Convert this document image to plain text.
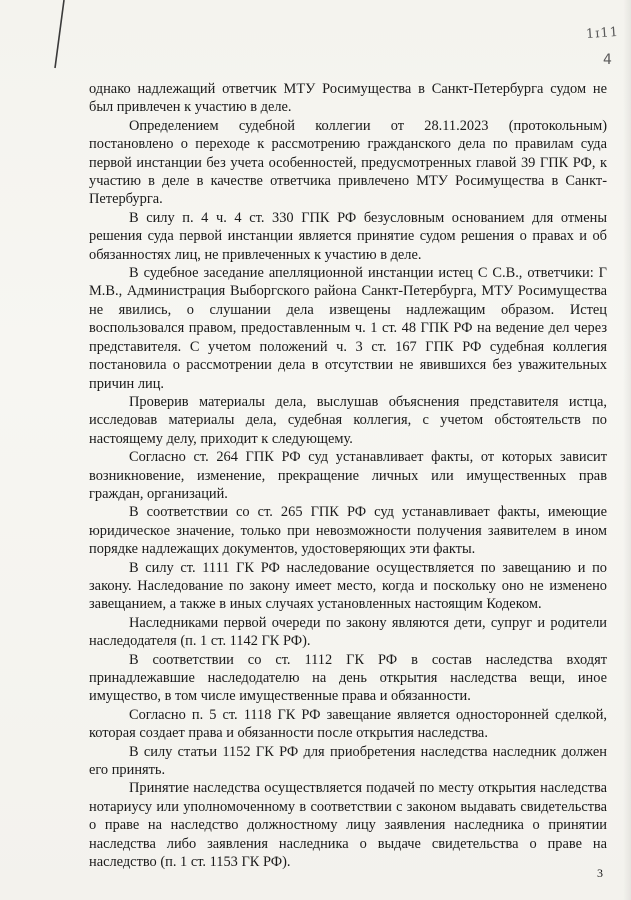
1ɪ11
4

однако надлежащий ответчик МТУ Росимущества в Санкт-Петербурга судом не был привлечен к участию в деле.

Определением судебной коллегии от 28.11.2023 (протокольным) постановлено о переходе к рассмотрению гражданского дела по правилам суда первой инстанции без учета особенностей, предусмотренных главой 39 ГПК РФ, к участию в деле в качестве ответчика привлечено МТУ Росимущества в Санкт-Петербурга.

В силу п. 4 ч. 4 ст. 330 ГПК РФ безусловным основанием для отмены решения суда первой инстанции является принятие судом решения о правах и об обязанностях лиц, не привлеченных к участию в деле.

В судебное заседание апелляционной инстанции истец С С.В., ответчики: Г М.В., Администрация Выборгского района Санкт-Петербурга, МТУ Росимущества не явились, о слушании дела извещены надлежащим образом. Истец воспользовался правом, предоставленным ч. 1 ст. 48 ГПК РФ на ведение дел через представителя. С учетом положений ч. 3 ст. 167 ГПК РФ судебная коллегия постановила о рассмотрении дела в отсутствии не явившихся без уважительных причин лиц.

Проверив материалы дела, выслушав объяснения представителя истца, исследовав материалы дела, судебная коллегия, с учетом обстоятельств по настоящему делу, приходит к следующему.

Согласно ст. 264 ГПК РФ суд устанавливает факты, от которых зависит возникновение, изменение, прекращение личных или имущественных прав граждан, организаций.

В соответствии со ст. 265 ГПК РФ суд устанавливает факты, имеющие юридическое значение, только при невозможности получения заявителем в ином порядке надлежащих документов, удостоверяющих эти факты.

В силу ст. 1111 ГК РФ наследование осуществляется по завещанию и по закону. Наследование по закону имеет место, когда и поскольку оно не изменено завещанием, а также в иных случаях установленных настоящим Кодеком.

Наследниками первой очереди по закону являются дети, супруг и родители наследодателя (п. 1 ст. 1142 ГК РФ).

В соответствии со ст. 1112 ГК РФ в состав наследства входят принадлежавшие наследодателю на день открытия наследства вещи, иное имущество, в том числе имущественные права и обязанности.

Согласно п. 5 ст. 1118 ГК РФ завещание является односторонней сделкой, которая создает права и обязанности после открытия наследства.

В силу статьи 1152 ГК РФ для приобретения наследства наследник должен его принять.

Принятие наследства осуществляется подачей по месту открытия наследства нотариусу или уполномоченному в соответствии с законом выдавать свидетельства о праве на наследство должностному лицу заявления наследника о принятии наследства либо заявления наследника о выдаче свидетельства о праве на наследство (п. 1 ст. 1153 ГК РФ).

3
